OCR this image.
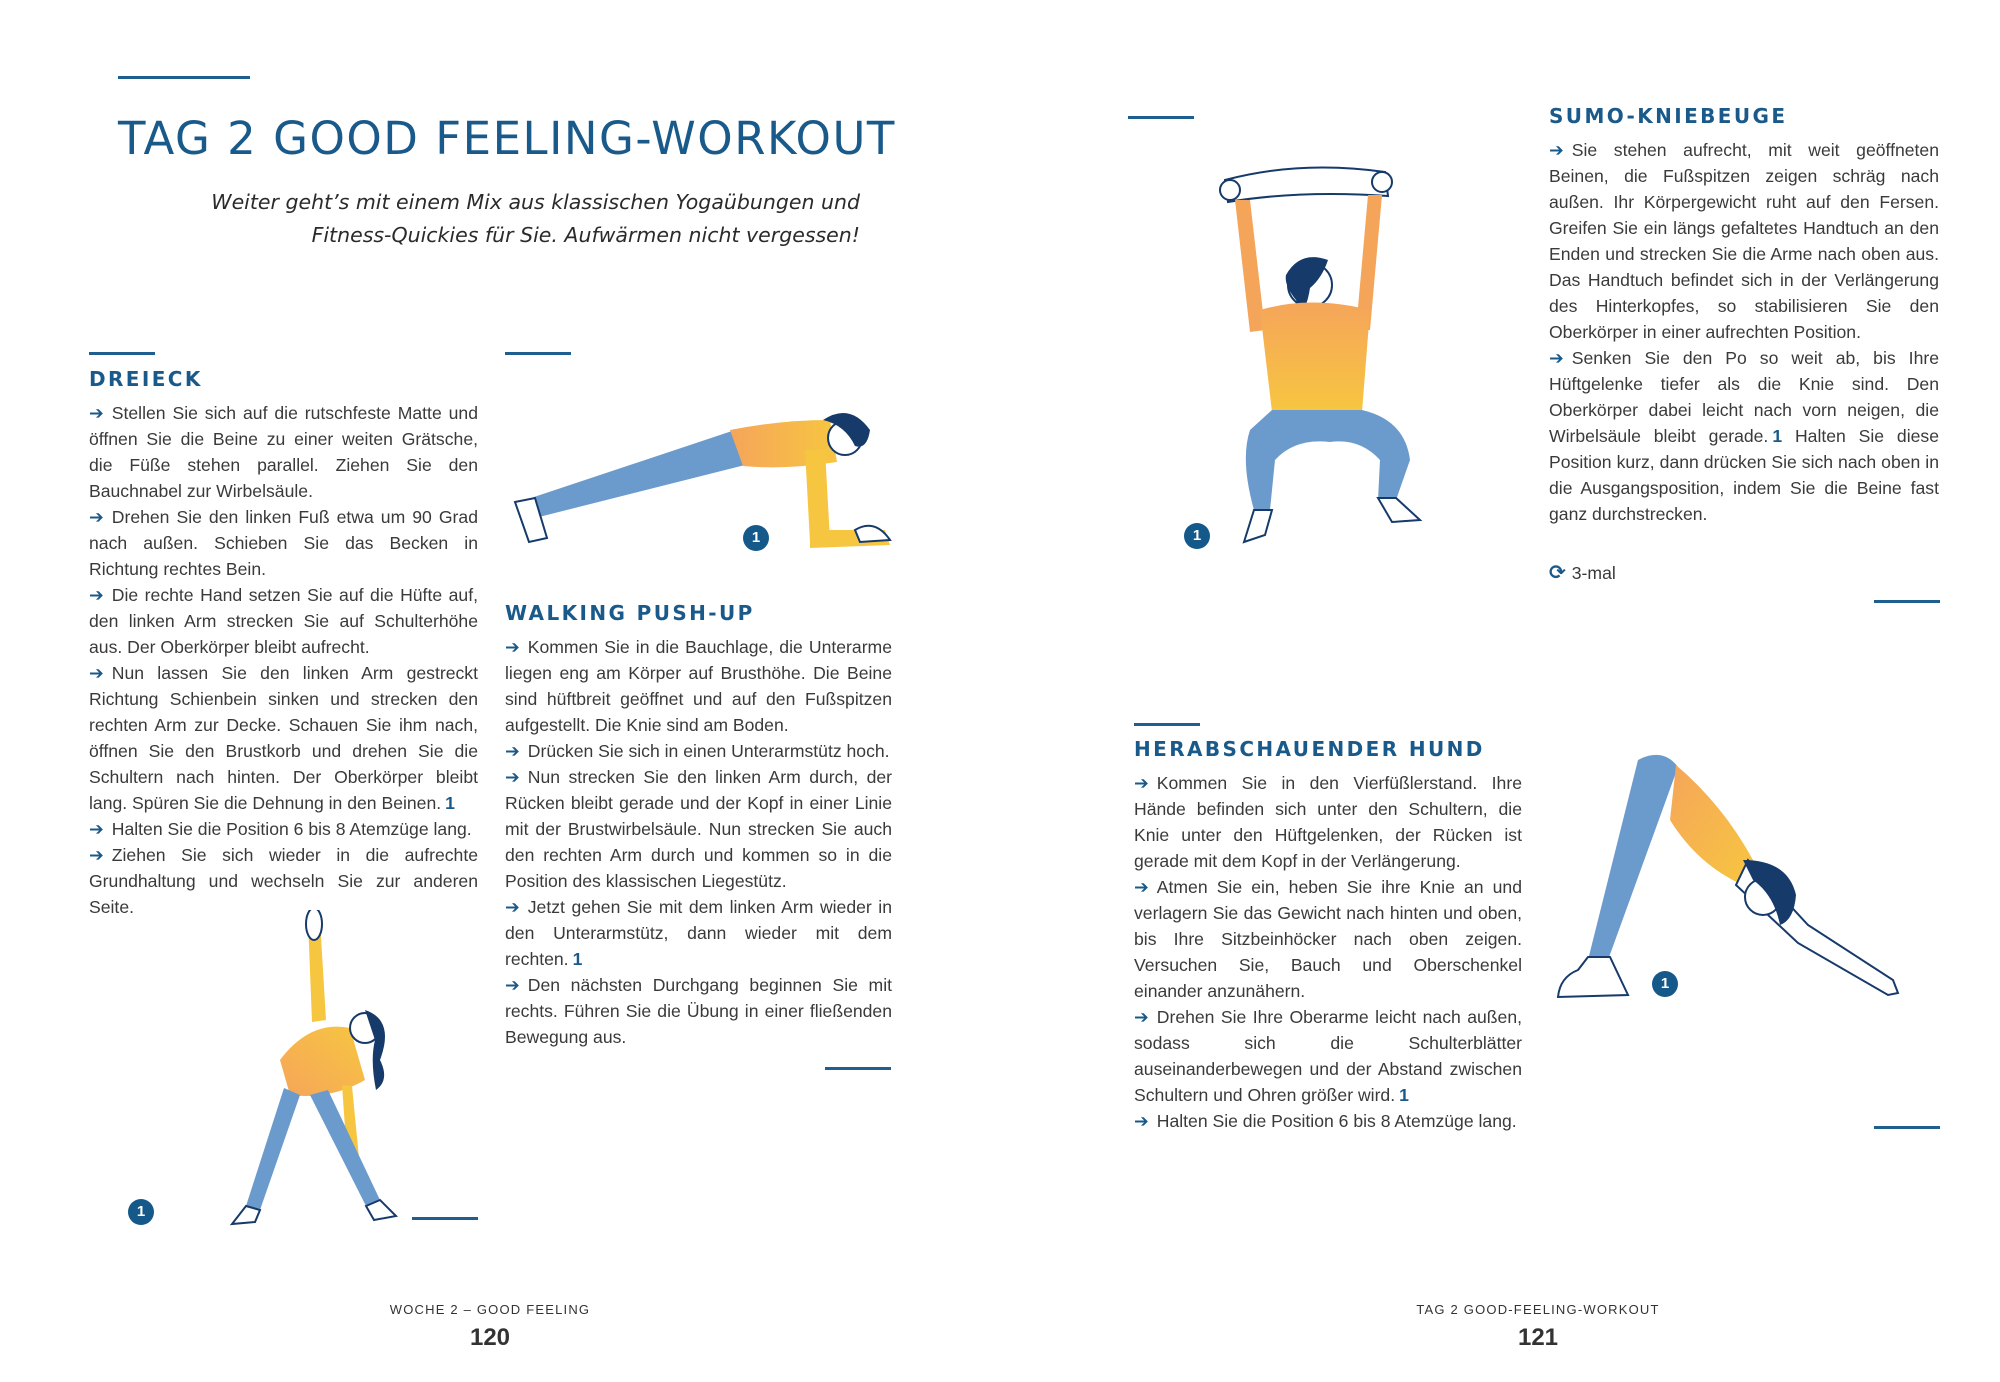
TAG 2 GOOD FEELING-WORKOUT
Weiter geht’s mit einem Mix aus klassischen Yogaübungen und
Fitness-Quickies für Sie. Aufwärmen nicht vergessen!
DREIECK

➔ Stellen Sie sich auf die rutschfeste Matte und öffnen Sie die Beine zu einer weiten Grätsche, die Füße stehen parallel. Ziehen Sie den Bauchnabel zur Wirbelsäule.

➔ Drehen Sie den linken Fuß etwa um 90 Grad nach außen. Schieben Sie das Becken in Richtung rechtes Bein.

➔ Die rechte Hand setzen Sie auf die Hüfte auf, den linken Arm strecken Sie auf Schulterhöhe aus. Der Oberkörper bleibt aufrecht.

➔ Nun lassen Sie den linken Arm gestreckt Richtung Schienbein sinken und strecken den rechten Arm zur Decke. Schauen Sie ihm nach, öffnen Sie den Brustkorb und drehen Sie die Schultern nach hinten. Der Oberkörper bleibt lang. Spüren Sie die Dehnung in den Beinen. 1

➔ Halten Sie die Position 6 bis 8 Atemzüge lang.

➔ Ziehen Sie sich wieder in die aufrechte Grundhaltung und wechseln Sie zur anderen Seite.

1
1
WALKING PUSH-UP

➔ Kommen Sie in die Bauchlage, die Unterarme liegen eng am Körper auf Brusthöhe. Die Beine sind hüftbreit geöffnet und auf den Fußspitzen aufgestellt. Die Knie sind am Boden.

➔ Drücken Sie sich in einen Unterarmstütz hoch.

➔ Nun strecken Sie den linken Arm durch, der Rücken bleibt gerade und der Kopf in einer Linie mit der Brustwirbelsäule. Nun strecken Sie auch den rechten Arm durch und kommen so in die Position des klassischen Liegestütz.

➔ Jetzt gehen Sie mit dem linken Arm wieder in den Unterarmstütz, dann wieder mit dem rechten. 1

➔ Den nächsten Durchgang beginnen Sie mit rechts. Führen Sie die Übung in einer fließenden Bewegung aus.

WOCHE 2 – GOOD FEELING
120
1
SUMO-KNIEBEUGE

➔ Sie stehen aufrecht, mit weit geöffneten Beinen, die Fußspitzen zeigen schräg nach außen. Ihr Körpergewicht ruht auf den Fersen. Greifen Sie ein längs gefaltetes Handtuch an den Enden und strecken Sie die Arme nach oben aus. Das Handtuch befindet sich in der Verlängerung des Hinterkopfes, so stabilisieren Sie den Oberkörper in einer aufrechten Position.

➔ Senken Sie den Po so weit ab, bis Ihre Hüftgelenke tiefer als die Knie sind. Den Oberkörper dabei leicht nach vorn neigen, die Wirbelsäule bleibt gerade. 1 Halten Sie diese Position kurz, dann drücken Sie sich nach oben in die Ausgangsposition, indem Sie die Beine fast ganz durchstrecken.

⟳ 3-mal
HERABSCHAUENDER HUND

➔ Kommen Sie in den Vierfüßlerstand. Ihre Hände befinden sich unter den Schultern, die Knie unter den Hüftgelenken, der Rücken ist gerade mit dem Kopf in der Verlängerung.

➔ Atmen Sie ein, heben Sie ihre Knie an und verlagern Sie das Gewicht nach hinten und oben, bis Ihre Sitzbeinhöcker nach oben zeigen. Versuchen Sie, Bauch und Oberschenkel einander anzunähern.

➔ Drehen Sie Ihre Oberarme leicht nach außen, sodass sich die Schulterblätter auseinanderbewegen und der Abstand zwischen Schultern und Ohren größer wird. 1

➔ Halten Sie die Position 6 bis 8 Atemzüge lang.

1
TAG 2 GOOD-FEELING-WORKOUT
121
